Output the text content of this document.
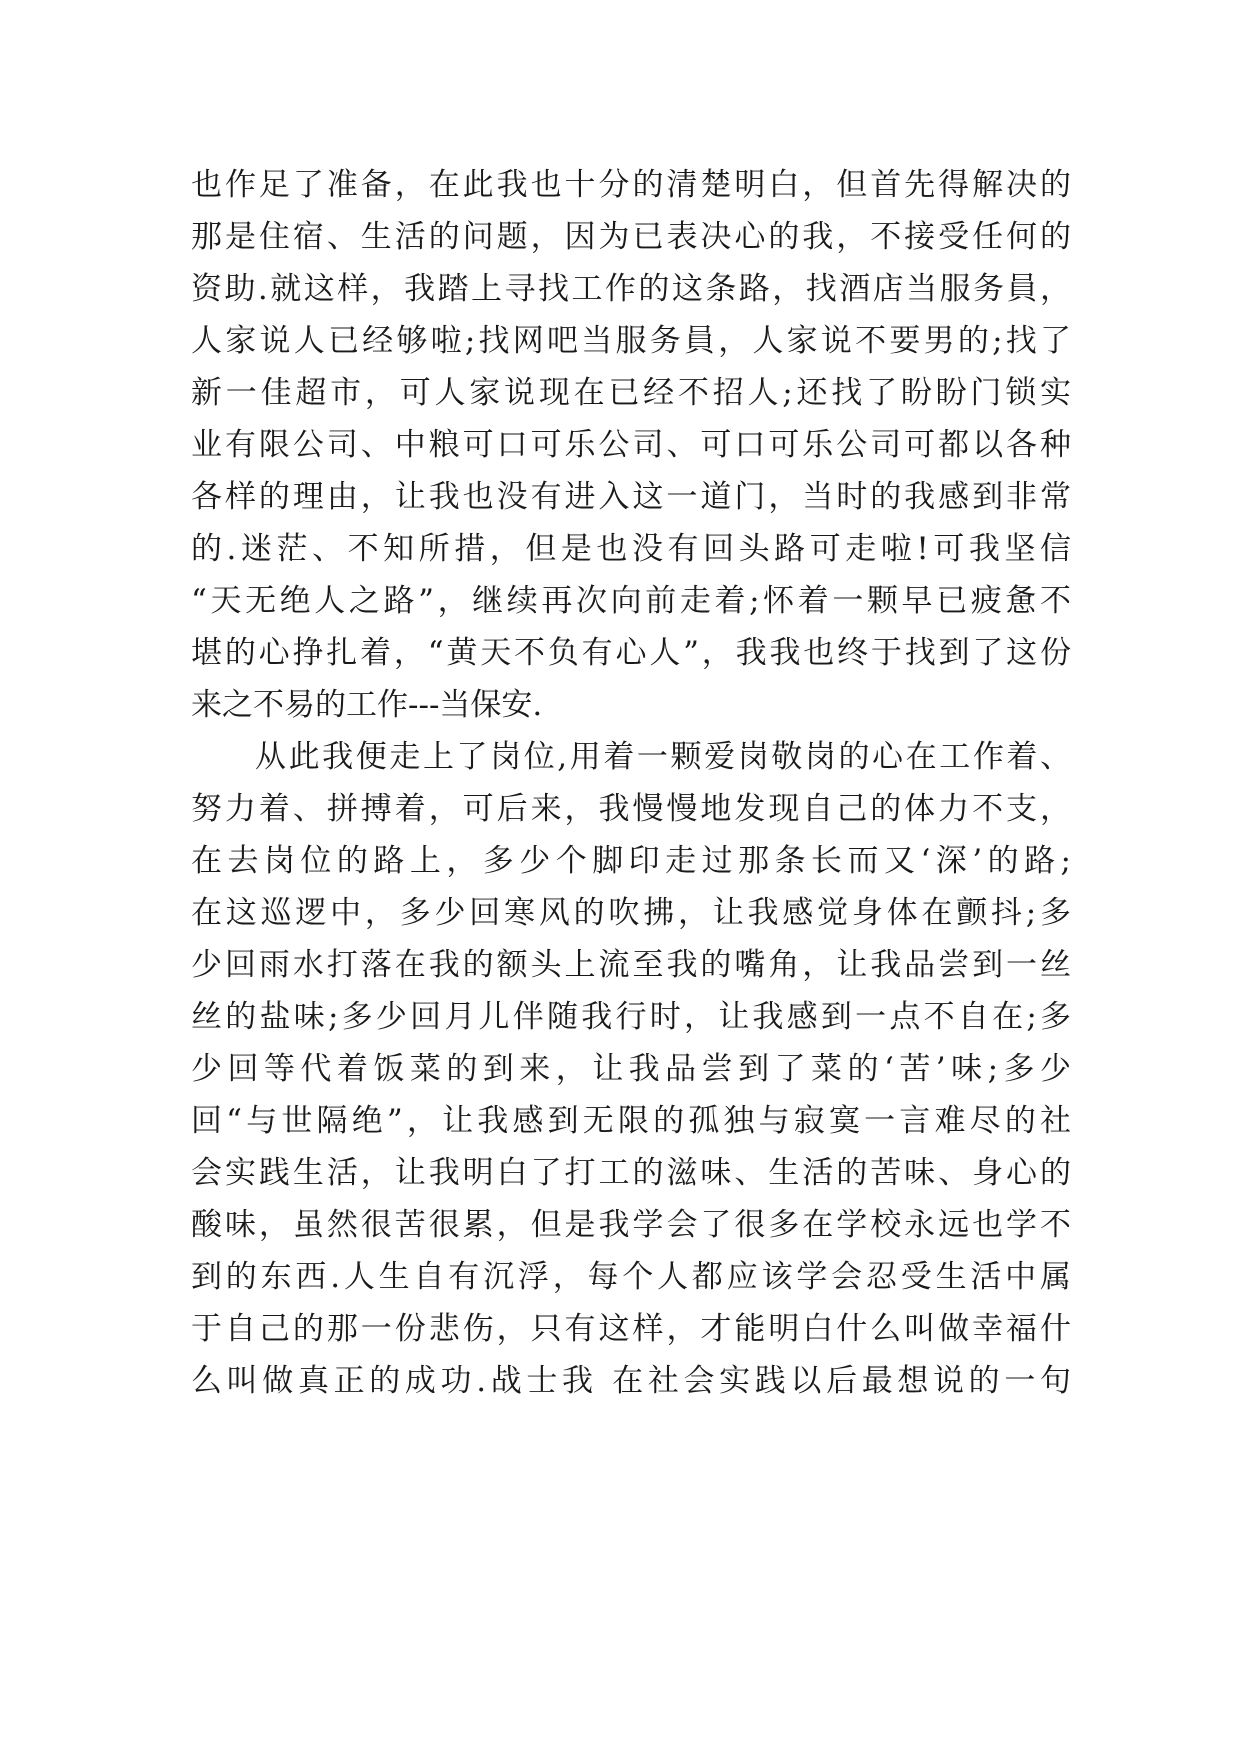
也作足了准备，在此我也十分的清楚明白，但首先得解决的
那是住宿、生活的问题，因为已表决心的我，不接受任何的
资助.就这样，我踏上寻找工作的这条路，找酒店当服务員，
人家说人已经够啦;找网吧当服务員，人家说不要男的;找了
新一佳超市，可人家说现在已经不招人;还找了盼盼门锁实
业有限公司、中粮可口可乐公司、可口可乐公司可都以各种
各样的理由，让我也没有进入这一道门，当时的我感到非常
的.迷茫、不知所措，但是也没有回头路可走啦!可我坚信
“天无绝人之路”，继续再次向前走着;怀着一颗早已疲惫不
堪的心挣扎着，“黄天不负有心人”，我我也终于找到了这份
来之不易的工作---当保安.
从此我便走上了岗位,用着一颗爱岗敬岗的心在工作着、
努力着、拼搏着，可后来，我慢慢地发现自己的体力不支，
在去岗位的路上，多少个脚印走过那条长而又‘深’的路;
在这巡逻中，多少回寒风的吹拂，让我感觉身体在颤抖;多
少回雨水打落在我的额头上流至我的嘴角，让我品尝到一丝
丝的盐味;多少回月儿伴随我行时，让我感到一点不自在;多
少回等代着饭菜的到来，让我品尝到了菜的‘苦’味;多少
回“与世隔绝”，让我感到无限的孤独与寂寞一言难尽的社
会实践生活，让我明白了打工的滋味、生活的苦味、身心的
酸味，虽然很苦很累，但是我学会了很多在学校永远也学不
到的东西.人生自有沉浮，每个人都应该学会忍受生活中属
于自己的那一份悲伤，只有这样，才能明白什么叫做幸福什
么叫做真正的成功.战士我 在社会实践以后最想说的一句
